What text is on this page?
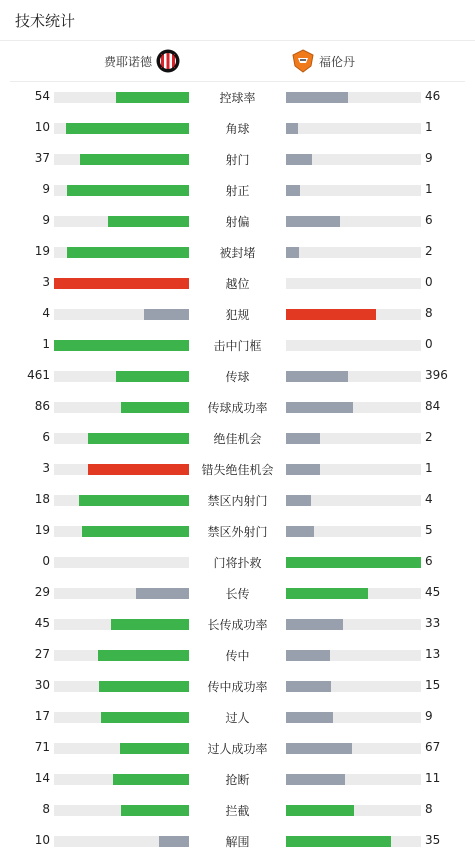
技术统计
费耶诺德	福伦丹
54	控球率	46
10	角球	1
37	射门	9
9	射正	1
9	射偏	6
19	被封堵	2
3	越位	0
4	犯规	8
1	击中门框	0
461	传球	396
86	传球成功率	84
6	绝佳机会	2
3	错失绝佳机会	1
18	禁区内射门	4
19	禁区外射门	5
0	门将扑救	6
29	长传	45
45	长传成功率	33
27	传中	13
30	传中成功率	15
17	过人	9
71	过人成功率	67
14	抢断	11
8	拦截	8
10	解围	35
